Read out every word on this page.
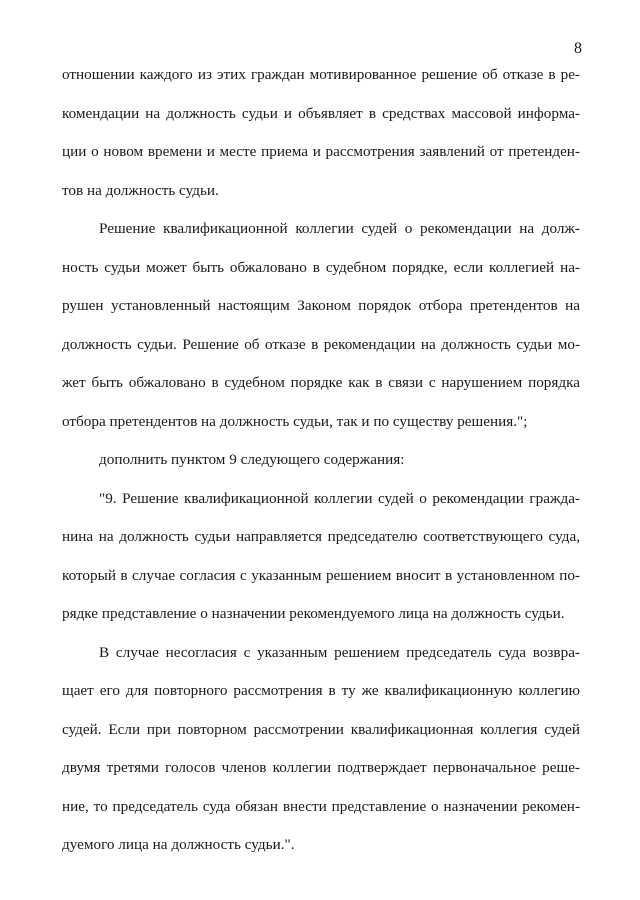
8
отношении каждого из этих граждан мотивированное решение об отказе в ре-
комендации на должность судьи и объявляет в средствах массовой информа-
ции о новом времени и месте приема и рассмотрения заявлений от претенден-
тов на должность судьи.
Решение квалификационной коллегии судей о рекомендации на долж-
ность судьи может быть обжаловано в судебном порядке, если коллегией на-
рушен установленный настоящим Законом порядок отбора претендентов на
должность судьи. Решение об отказе в рекомендации на должность судьи мо-
жет быть обжаловано в судебном порядке как в связи с нарушением порядка
отбора претендентов на должность судьи, так и по существу решения.";
дополнить пунктом 9 следующего содержания:
"9. Решение квалификационной коллегии судей о рекомендации гражда-
нина на должность судьи направляется председателю соответствующего суда,
который в случае согласия с указанным решением вносит в установленном по-
рядке представление о назначении рекомендуемого лица на должность судьи.
В случае несогласия с указанным решением председатель суда возвра-
щает его для повторного рассмотрения в ту же квалификационную коллегию
судей. Если при повторном рассмотрении квалификационная коллегия судей
двумя третями голосов членов коллегии подтверждает первоначальное реше-
ние, то председатель суда обязан внести представление о назначении рекомен-
дуемого лица на должность судьи.".
